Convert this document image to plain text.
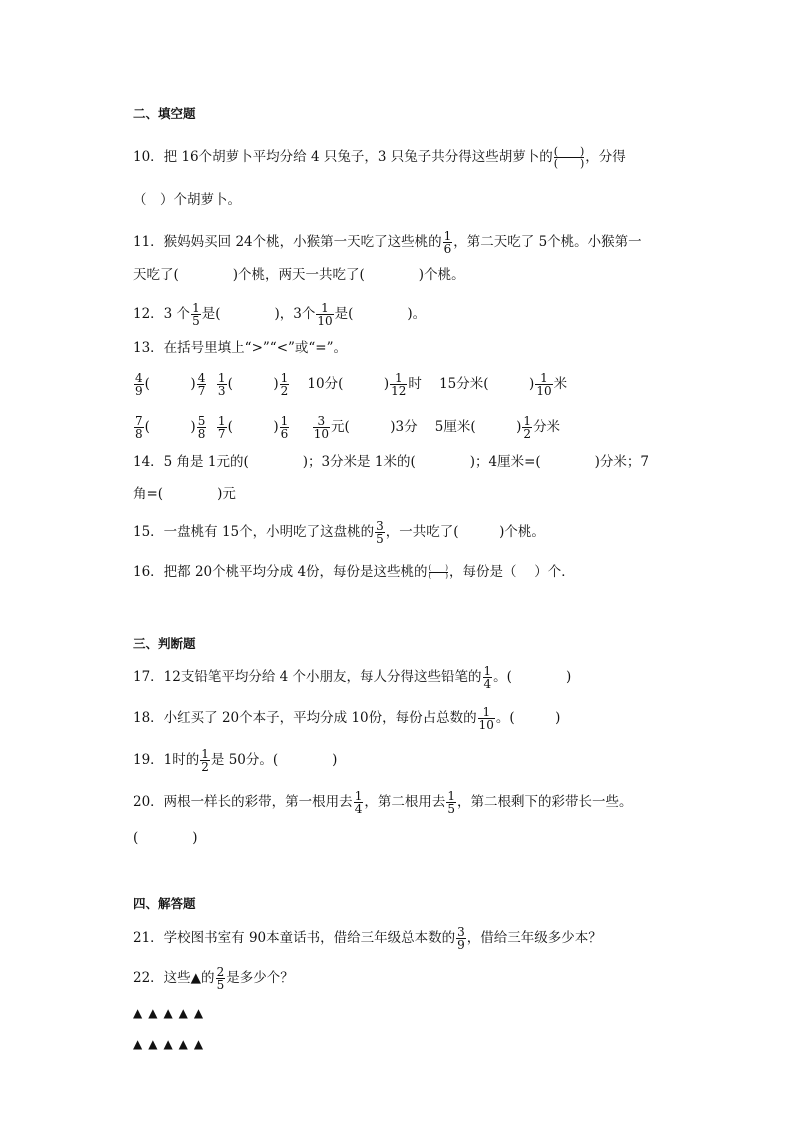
二、填空题
10．把 16个胡萝卜平均分给 4 只兔子，3 只兔子共分得这些胡萝卜的 (　　)
(　　) ，分得
（　）个胡萝卜。
11．猴妈妈买回 24个桃，小猴第一天吃了这些桃的 $\frac{1}{6}$ ，第二天吃了 5个桃。小猴第一
天吃了(　　　　)个桃，两天一共吃了(　　　　)个桃。
12．3 个 $\frac{1}{5}$ 是(　　　　)，3个 $\frac{1}{10}$ 是(　　　　)。
13．在括号里填上“>”“<”或“=”。
$\frac{4}{9}$ (　　　) $\frac{4}{7}$
$\frac{1}{3}$ (　　　) $\frac{1}{2} 10$分(　　　) $\frac{1}{12}$ 时 15分米(　　　) $\frac{1}{10}$ 米
$\frac{7}{8}$ (　　　) $\frac{5}{8}$
$\frac{1}{7}$ (　　　) $\frac{1}{6}$
$\frac{3}{10}$ 元(　　　)3分 5厘米(　　　) $\frac{1}{2}$ 分米
14．5 角是 1元的(　　　　)；3分米是 1米的(　　　　)；4厘米=(　　　　)分米；7
角=(　　　　)元
15．一盘桃有 15个，小明吃了这盘桃的 $\frac{3}{5}$ ，一共吃了(　　　)个桃。
16．把都 20个桃平均分成 4份，每份是这些桃的 (　　)
(　　) ，每份是（　 ）个．
三、判断题
17．12支铅笔平均分给 4 个小朋友，每人分得这些铅笔的 $\frac{1}{4}$ 。(　　　　)
18．小红买了 20个本子，平均分成 10份，每份占总数的 $\frac{1}{10}$ 。(　　　)
19．1时的 $\frac{1}{2}$ 是 50分。(　　　　)
20．两根一样长的彩带，第一根用去 $\frac{1}{4}$ ，第二根用去 $\frac{1}{5}$ ，第二根剩下的彩带长一些。
(　　　　)
四、解答题
21．学校图书室有 90本童话书，借给三年级总本数的 $\frac{3}{9}$ ，借给三年级多少本？
22．这些▲的 $\frac{2}{5}$ 是多少个？
▲▲▲▲▲
▲▲▲▲▲
